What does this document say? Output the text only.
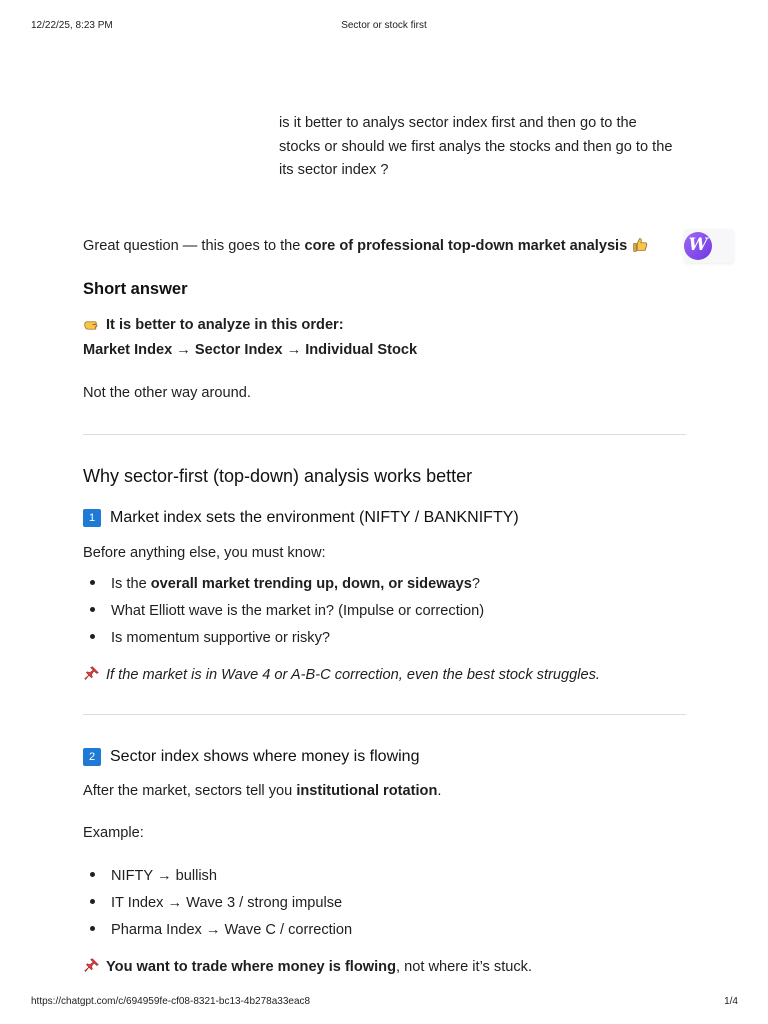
12/22/25, 8:23 PM	Sector or stock first
is it better to analys sector index first and then go to the stocks or should we first analys the stocks and then go to the its sector index ?
W
Great question — this goes to the core of professional top-down market analysis
Short answer
It is better to analyze in this order:
Market Index → Sector Index → Individual Stock
Not the other way around.
Why sector-first (top-down) analysis works better
1 Market index sets the environment (NIFTY / BANKNIFTY)
Before anything else, you must know:
Is the overall market trending up, down, or sideways?
What Elliott wave is the market in? (Impulse or correction)
Is momentum supportive or risky?
If the market is in Wave 4 or A-B-C correction, even the best stock struggles.
2 Sector index shows where money is flowing
After the market, sectors tell you institutional rotation.
Example:
NIFTY → bullish
IT Index → Wave 3 / strong impulse
Pharma Index → Wave C / correction
You want to trade where money is flowing, not where it’s stuck.
https://chatgpt.com/c/694959fe-cf08-8321-bc13-4b278a33eac8	1/4
